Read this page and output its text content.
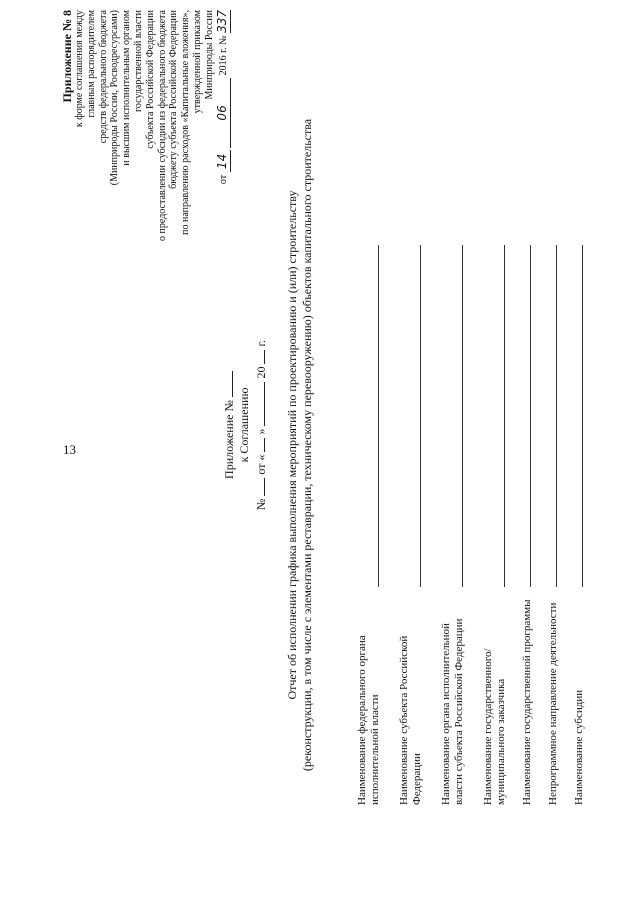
13
Приложение № 8 к форме соглашения между главным распорядителем средств федерального бюджета (Минприроды России, Росводресурсами) и высшим исполнительным органом государственной власти субъекта Российской Федерации о предоставлении субсидии из федерального бюджета бюджету субъекта Российской Федерации по направлению расходов «Капитальные вложения», утвержденной приказом Минприроды России
от 14 06 2016 г. № 337
Приложение № к Соглашению
№  от «  »  20  г. Отчет об исполнении графика выполнения мероприятий по проектированию и (или) строительству (реконструкции, в том числе с элементами реставрации, техническому перевооружению) объектов капитального строительства	Наименование федерального органа исполнительной власти Наименование субъекта Российской Федерации Наименование органа исполнительной власти субъекта Российской Федерации Наименование государственного/муниципального заказчика Наименование государственной программы Непрограммное направление деятельности Наименование субсидии
